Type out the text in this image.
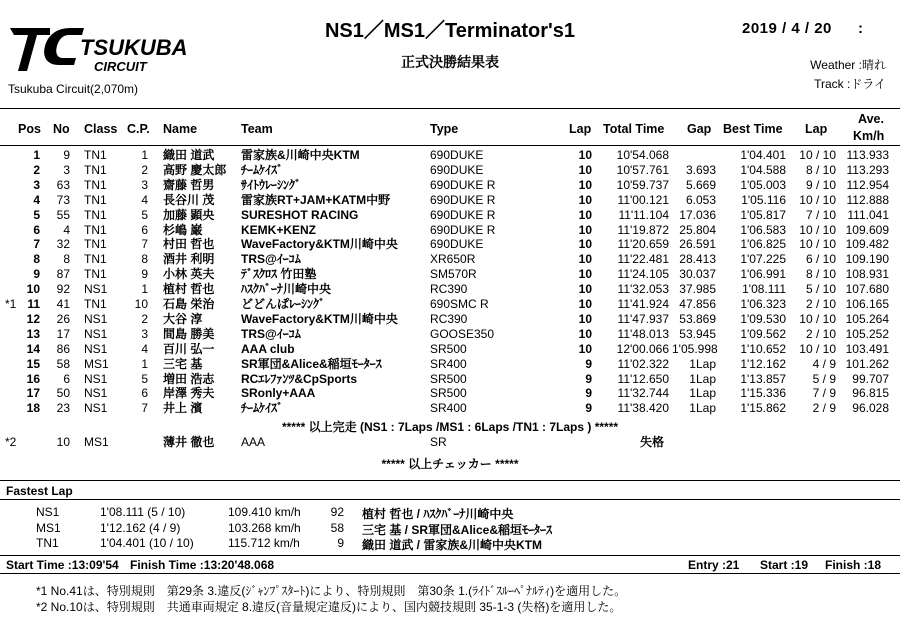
TSUKUBA
CIRCUIT
NS1／MS1／Terminator's1	2019 / 4 / 20 :
正式決勝結果表	Weather :晴れ
Track :ドライ
Tsukuba Circuit(2,070m)
Pos No Class C.P. Name	Team	Type	Lap Total Time Gap Best Time Lap
Ave.
Km/h
1	9 TN1	1 織田 道武	雷家族&川崎中央KTM	690DUKE	10	10'54.068	1'04.401	10 / 10 113.933
2	3 TN1	2 高野 慶太郎	ﾁｰﾑｹｲｽﾞ	690DUKE	10	10'57.761	3.693	1'04.588	8 / 10 113.293
3	63 TN1	3 齋藤 哲男	ｻｲﾄｳﾚｰｼﾝｸﾞ	690DUKE R	10	10'59.737	5.669	1'05.003	9 / 10 112.954
4	73 TN1	4 長谷川 茂	雷家族RT+JAM+KATM中野	690DUKE R	10	11'00.121	6.053	1'05.116	10 / 10 112.888
5	55 TN1	5 加藤 顕央	SURESHOT RACING	690DUKE R	10	11'11.104 17.036	1'05.817	7 / 10 111.041
6	4 TN1	6 杉嶋 巌	KEMK+KENZ	690DUKE R	10	11'19.872 25.804	1'06.583	10 / 10 109.609
7	32 TN1	7 村田 哲也	WaveFactory&KTM川崎中央	690DUKE	10	11'20.659 26.591	1'06.825	10 / 10 109.482
8	8 TN1	8 酒井 利明	TRS@ｲｰｺﾑ	XR650R	10	11'22.481 28.413	1'07.225	6 / 10 109.190
9	87 TN1	9 小林 英夫	ﾃﾞｽｸﾛｽ 竹田塾	SM570R	10	11'24.105 30.037	1'06.991	8 / 10 108.931
10	92 NS1	1 植村 哲也	ﾊｽｸﾊﾞｰﾅ川崎中央	RC390	10	11'32.053 37.985	1'08.111	5 / 10 107.680
*1 11	41 TN1	10 石島 栄治	どどんぱﾚｰｼﾝｸﾞ	690SMC R	10	11'41.924 47.856	1'06.323	2 / 10 106.165
12	26 NS1	2 大谷 淳	WaveFactory&KTM川崎中央	RC390	10	11'47.937 53.869	1'09.530	10 / 10 105.264
13	17 NS1	3 間島 勝美	TRS@ｲｰｺﾑ	GOOSE350	10	11'48.013 53.945	1'09.562	2 / 10 105.252
14	86 NS1	4 百川 弘一	AAA club	SR500	10	12'00.066 1'05.998	1'10.652	10 / 10 103.491
15	58 MS1	1 三宅 基	SR軍団&Alice&稲垣ﾓｰﾀｰｽ	SR400	9	11'02.322	1Lap	1'12.162	4 / 9 101.262
16	6 NS1	5 増田 浩志	RCｴﾚﾌｧﾝﾂ&CpSports	SR500	9	11'12.650	1Lap	1'13.857	5 / 9	99.707
17	50 NS1	6 岸澤 秀夫	SRonly+AAA	SR500	9	11'32.744	1Lap	1'15.336	7 / 9	96.815
18	23 NS1	7 井上 濱	ﾁｰﾑｹｲｽﾞ	SR400	9	11'38.420	1Lap	1'15.862	2 / 9	96.028
***** 以上完走 (NS1 : 7Laps /MS1 : 6Laps /TN1 : 7Laps ) *****
*2	10 MS1	薄井 徹也	AAA	SR	失格
***** 以上チェッカー *****
Fastest Lap
NS1	1'08.111 (5 / 10)	109.410 km/h 92 植村 哲也 / ﾊｽｸﾊﾞｰﾅ川崎中央
MS1	1'12.162 (4 / 9)	103.268 km/h 58 三宅 基 / SR軍団&Alice&稲垣ﾓｰﾀｰｽ
TN1	1'04.401 (10 / 10)	115.712 km/h	9 織田 道武 / 雷家族&川崎中央KTM
Start Time :13:09'54 Finish Time :13:20'48.068	Entry :21 Start :19 Finish :18
*1 No.41は、特別規則　第29条 3.違反(ｼﾞｬﾝﾌﾟｽﾀｰﾄ)により、特別規則　第30条 1.(ﾗｲﾄﾞｽﾙｰﾍﾟﾅﾙﾃｨ)を適用した。
*2 No.10は、特別規則　共通車両規定 8.違反(音量規定違反)により、国内競技規則 35-1-3 (失格)を適用した。
